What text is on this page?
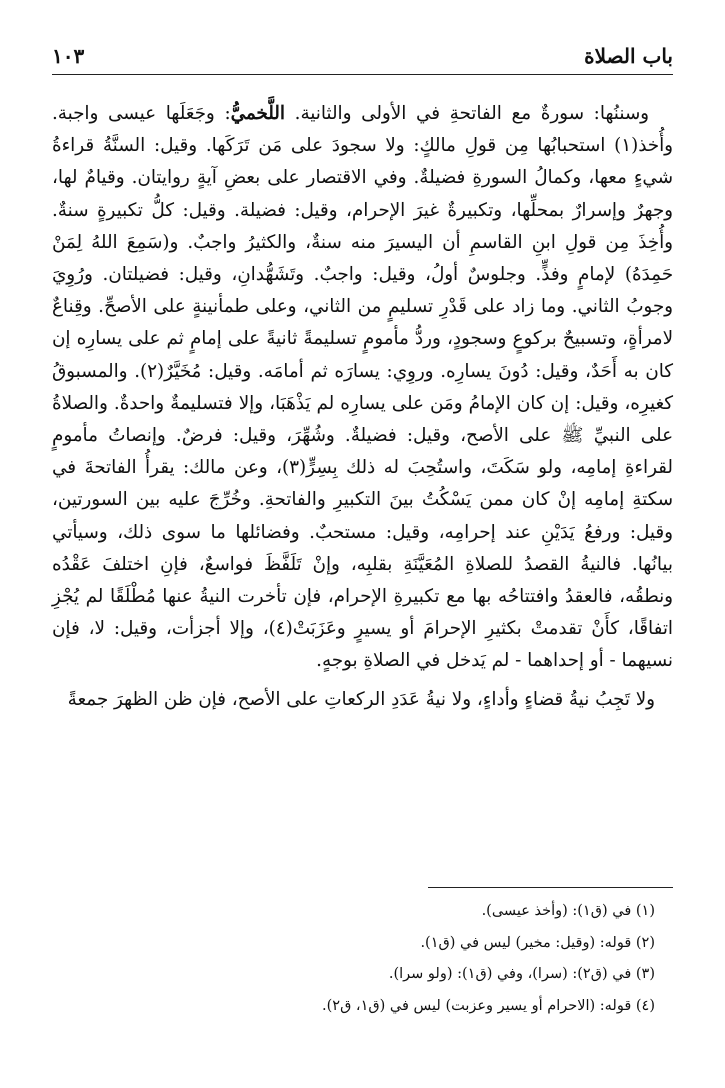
باب الصلاة
١٠٣

وسننُها: سورةٌ مع الفاتحةِ في الأولى والثانية. اللَّخميُّ: وجَعَلَها عيسى واجبة. وأُخذ(١) استحبابُها مِن قولِ مالكٍ: ولا سجودَ على مَن تَرَكَها. وقيل: السنَّةُ قراءةُ شيءٍ معها، وكمالُ السورةِ فضيلةٌ. وفي الاقتصار على بعضِ آيةٍ روايتان. وقيامٌ لها، وجهرٌ وإسرارٌ بمحلِّها، وتكبيرةٌ غيرَ الإحرام، وقيل: فضيلة. وقيل: كلُّ تكبيرةٍ سنةٌ. وأُخِذَ مِن قولِ ابنِ القاسمِ أن اليسيرَ منه سنةٌ، والكثيرُ واجبٌ. و(سَمِعَ اللهُ لِمَنْ حَمِدَهُ) لإمامٍ وفذٍّ. وجلوسٌ أولُ، وقيل: واجبٌ. وتَشَهُّدانِ، وقيل: فضيلتان. ورُوِيَ وجوبُ الثاني. وما زاد على قَدْرِ تسليمٍ من الثاني، وعلى طمأنينةٍ على الأصحِّ. وقِناعٌ لامرأةٍ، وتسبيحٌ بركوعٍ وسجودٍ، وردُّ مأمومٍ تسليمةً ثانيةً على إمامٍ ثم على يسارِه إن كان به أَحَدٌ، وقيل: دُونَ يسارِه. وروِي: يسارَه ثم أمامَه. وقيل: مُخَيَّرٌ(٢). والمسبوقُ كغيرِه، وقيل: إن كان الإمامُ ومَن على يسارِه لم يَذْهَبَا، وإلا فتسليمةٌ واحدةٌ. والصلاةُ على النبيِّ ﷺ على الأصح، وقيل: فضيلةٌ. وشُهِّرَ، وقيل: فرضٌ. وإنصاتُ مأمومٍ لقراءةِ إمامِه، ولو سَكَتَ، واستُحِبَ له ذلك بِسِرٍّ(٣)، وعن مالك: يقرأُ الفاتحةَ في سكتةِ إمامِه إنْ كان ممن يَسْكُتُ بينَ التكبيرِ والفاتحةِ. وخُرِّجَ عليه بين السورتين، وقيل: ورفعُ يَدَيْنِ عند إحرامِه، وقيل: مستحبٌ. وفضائلها ما سوى ذلك، وسيأتي بيانُها. فالنيةُ القصدُ للصلاةِ المُعَيَّنَةِ بقلبِه، وإنْ تَلَفَّظَ فواسعٌ، فإنِ اختلفَ عَقْدُه ونطقُه، فالعقدُ وافتتاحُه بها مع تكبيرةِ الإحرام، فإن تأخرت النيةُ عنها مُطْلَقًا لم يُجْزِ اتفاقًا، كأَنْ تقدمتْ بكثيرِ الإحرامَ أو يسيرٍ وعَزَبَتْ(٤)، وإلا أجزأت، وقيل: لا، فإن نسيهما - أو إحداهما - لم يَدخل في الصلاةِ بوجهٍ.

ولا تَجِبُ نيةُ قضاءٍ وأداءٍ، ولا نيةُ عَدَدِ الركعاتِ على الأصح، فإن ظن الظهرَ جمعةً

(١) في (ق١): (وأخذ عيسى).
(٢) قوله: (وقيل: مخير) ليس في (ق١).
(٣) في (ق٢): (سرا)، وفي (ق١): (ولو سرا).
(٤) قوله: (الاحرام أو يسير وعزبت) ليس في (ق١، ق٢).
